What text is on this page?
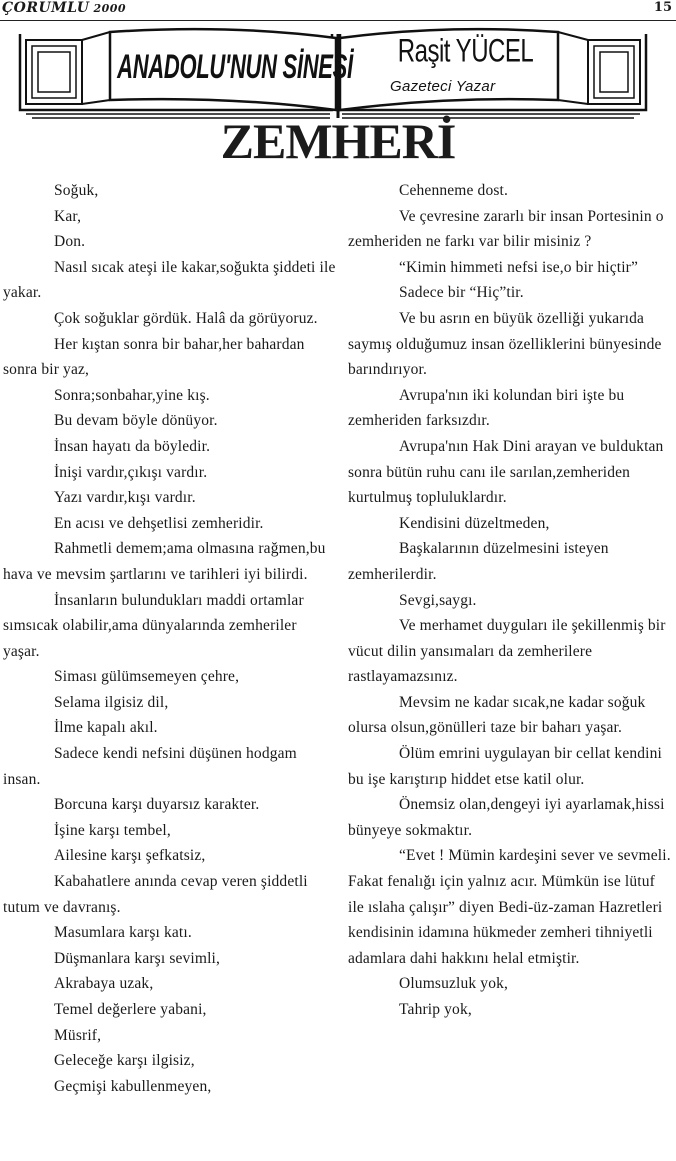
ÇORUMLU 2000	15
ANADOLU'NUN SİNESİ	Raşit YÜCEL
Gazeteci Yazar
ZEMHERİ

Soğuk,

Kar,

Don.

Nasıl sıcak ateşi ile kakar,soğukta şiddeti ile yakar.

Çok soğuklar gördük. Halâ da görüyoruz.

Her kıştan sonra bir bahar,her bahardan sonra bir yaz,

Sonra;sonbahar,yine kış.

Bu devam böyle dönüyor.

İnsan hayatı da böyledir.

İnişi vardır,çıkışı vardır.

Yazı vardır,kışı vardır.

En acısı ve dehşetlisi zemheridir.

Rahmetli demem;ama olmasına rağmen,bu hava ve mevsim şartlarını ve tarihleri iyi bilirdi.

İnsanların bulundukları maddi ortamlar sımsıcak olabilir,ama dünyalarında zemheriler yaşar.

Siması gülümsemeyen çehre,

Selama ilgisiz dil,

İlme kapalı akıl.

Sadece kendi nefsini düşünen hodgam insan.

Borcuna karşı duyarsız karakter.

İşine karşı tembel,

Ailesine karşı şefkatsiz,

Kabahatlere anında cevap veren şiddetli tutum ve davranış.

Masumlara karşı katı.

Düşmanlara karşı sevimli,

Akrabaya uzak,

Temel değerlere yabani,

Müsrif,

Geleceğe karşı ilgisiz,

Geçmişi kabullenmeyen,

Cehenneme dost.

Ve çevresine zararlı bir insan Portesinin o zemheriden ne farkı var bilir misiniz ?

“Kimin himmeti nefsi ise,o bir hiçtir”

Sadece bir “Hiç”tir.

Ve bu asrın en büyük özelliği yukarıda saymış olduğumuz insan özelliklerini bünyesinde barındırıyor.

Avrupa'nın iki kolundan biri işte bu zemheriden farksızdır.

Avrupa'nın Hak Dini arayan ve bulduktan sonra bütün ruhu canı ile sarılan,zemheriden kurtulmuş topluluklardır.

Kendisini düzeltmeden,

Başkalarının düzelmesini isteyen zemherilerdir.

Sevgi,saygı.

Ve merhamet duyguları ile şekillenmiş bir vücut dilin yansımaları da zemherilere rastlayamazsınız.

Mevsim ne kadar sıcak,ne kadar soğuk olursa olsun,gönülleri taze bir baharı yaşar.

Ölüm emrini uygulayan bir cellat kendini bu işe karıştırıp hiddet etse katil olur.

Önemsiz olan,dengeyi iyi ayarlamak,hissi bünyeye sokmaktır.

“Evet ! Mümin kardeşini sever ve sevmeli. Fakat fenalığı için yalnız acır. Mümkün ise lütuf ile ıslaha çalışır” diyen Bedi-üz-zaman Hazretleri kendisinin idamına hükmeder zemheri tihniyetli adamlara dahi hakkını helal etmiştir.

Olumsuzluk yok,

Tahrip yok,
